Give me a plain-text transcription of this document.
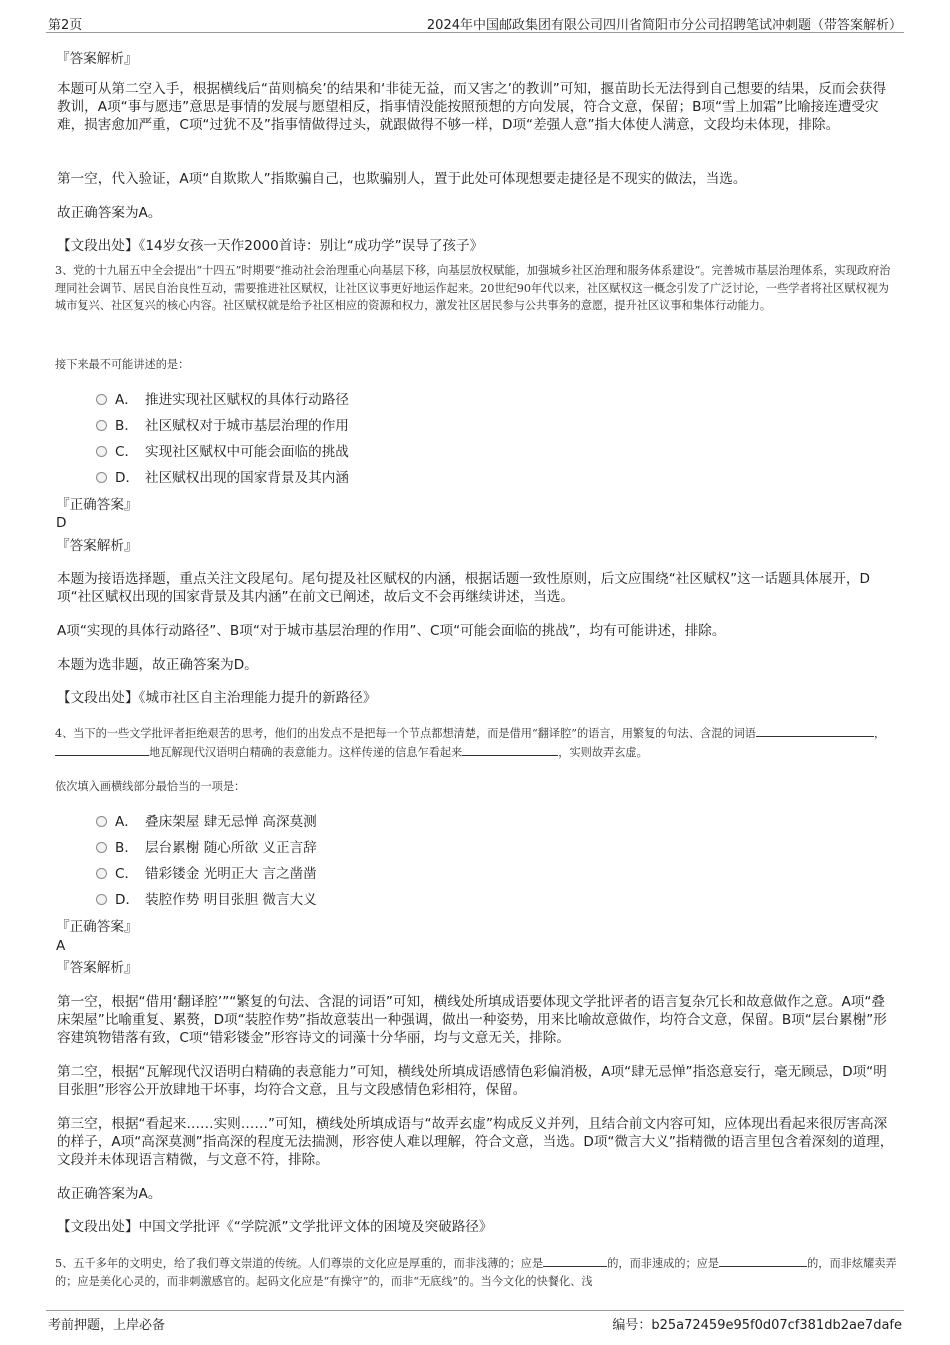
第2页	2024年中国邮政集团有限公司四川省简阳市分公司招聘笔试冲刺题（带答案解析）
『答案解析』
本题可从第二空入手，根据横线后“苗则槁矣’的结果和‘非徒无益，而又害之’的教训”可知，揠苗助长无法得到自己想要的结果，反而会获得教训，A项“事与愿违”意思是事情的发展与愿望相反，指事情没能按照预想的方向发展，符合文意，保留；B项“雪上加霜”比喻接连遭受灾难，损害愈加严重，C项“过犹不及”指事情做得过头，就跟做得不够一样，D项“差强人意”指大体使人满意，文段均未体现，排除。
第一空，代入验证，A项“自欺欺人”指欺骗自己，也欺骗别人，置于此处可体现想要走捷径是不现实的做法，当选。
故正确答案为A。
【文段出处】《14岁女孩一天作2000首诗：别让“成功学”误导了孩子》
3、党的十九届五中全会提出“十四五”时期要“推动社会治理重心向基层下移，向基层放权赋能，加强城乡社区治理和服务体系建设”。完善城市基层治理体系，实现政府治理同社会调节、居民自治良性互动，需要推进社区赋权，让社区议事更好地运作起来。20世纪90年代以来，社区赋权这一概念引发了广泛讨论，一些学者将社区赋权视为城市复兴、社区复兴的核心内容。社区赋权就是给予社区相应的资源和权力，激发社区居民参与公共事务的意愿，提升社区议事和集体行动能力。
接下来最不可能讲述的是：
A． 推进实现社区赋权的具体行动路径
B． 社区赋权对于城市基层治理的作用
C． 实现社区赋权中可能会面临的挑战
D． 社区赋权出现的国家背景及其内涵
『正确答案』
D
『答案解析』
本题为接语选择题，重点关注文段尾句。尾句提及社区赋权的内涵，根据话题一致性原则，后文应围绕“社区赋权”这一话题具体展开，D项“社区赋权出现的国家背景及其内涵”在前文已阐述，故后文不会再继续讲述，当选。
A项“实现的具体行动路径”、B项“对于城市基层治理的作用”、C项“可能会面临的挑战”，均有可能讲述，排除。
本题为选非题，故正确答案为D。
【文段出处】《城市社区自主治理能力提升的新路径》
4、当下的一些文学批评者拒绝艰苦的思考，他们的出发点不是把每一个节点都想清楚，而是借用“翻译腔”的语言，用繁复的句法、含混的词语	，　地瓦解现代汉语明白精确的表意能力。这样传递的信息乍看起来	，实则故弄玄虚。
依次填入画横线部分最恰当的一项是：
A． 叠床架屋 肆无忌惮 高深莫测
B． 层台累榭 随心所欲 义正言辞
C． 错彩镂金 光明正大 言之凿凿
D． 装腔作势 明目张胆 微言大义
『正确答案』
A
『答案解析』
第一空，根据“借用‘翻译腔’”“繁复的句法、含混的词语”可知，横线处所填成语要体现文学批评者的语言复杂冗长和故意做作之意。A项“叠床架屋”比喻重复、累赘，D项“装腔作势”指故意装出一种强调，做出一种姿势，用来比喻故意做作，均符合文意，保留。B项“层台累榭”形容建筑物错落有致，C项“错彩镂金”形容诗文的词藻十分华丽，均与文意无关，排除。
第二空，根据“瓦解现代汉语明白精确的表意能力”可知，横线处所填成语感情色彩偏消极，A项“肆无忌惮”指恣意妄行，毫无顾忌，D项“明目张胆”形容公开放肆地干坏事，均符合文意，且与文段感情色彩相符，保留。
第三空，根据“看起来……实则……”可知，横线处所填成语与“故弄玄虚”构成反义并列，且结合前文内容可知，应体现出看起来很厉害高深的样子，A项“高深莫测”指高深的程度无法揣测，形容使人难以理解，符合文意，当选。D项“微言大义”指精微的语言里包含着深刻的道理，文段并未体现语言精微，与文意不符，排除。
故正确答案为A。
【文段出处】中国文学批评《“学院派”文学批评文体的困境及突破路径》
5、五千多年的文明史，给了我们尊文崇道的传统。人们尊崇的文化应是厚重的，而非浅薄的；应是	的，而非速成的；应是	的，而非炫耀卖弄的；应是美化心灵的，而非刺激感官的。起码文化应是“有操守”的，而非“无底线”的。当今文化的快餐化、浅
考前押题，上岸必备	编号：b25a72459e95f0d07cf381db2ae7dafe
